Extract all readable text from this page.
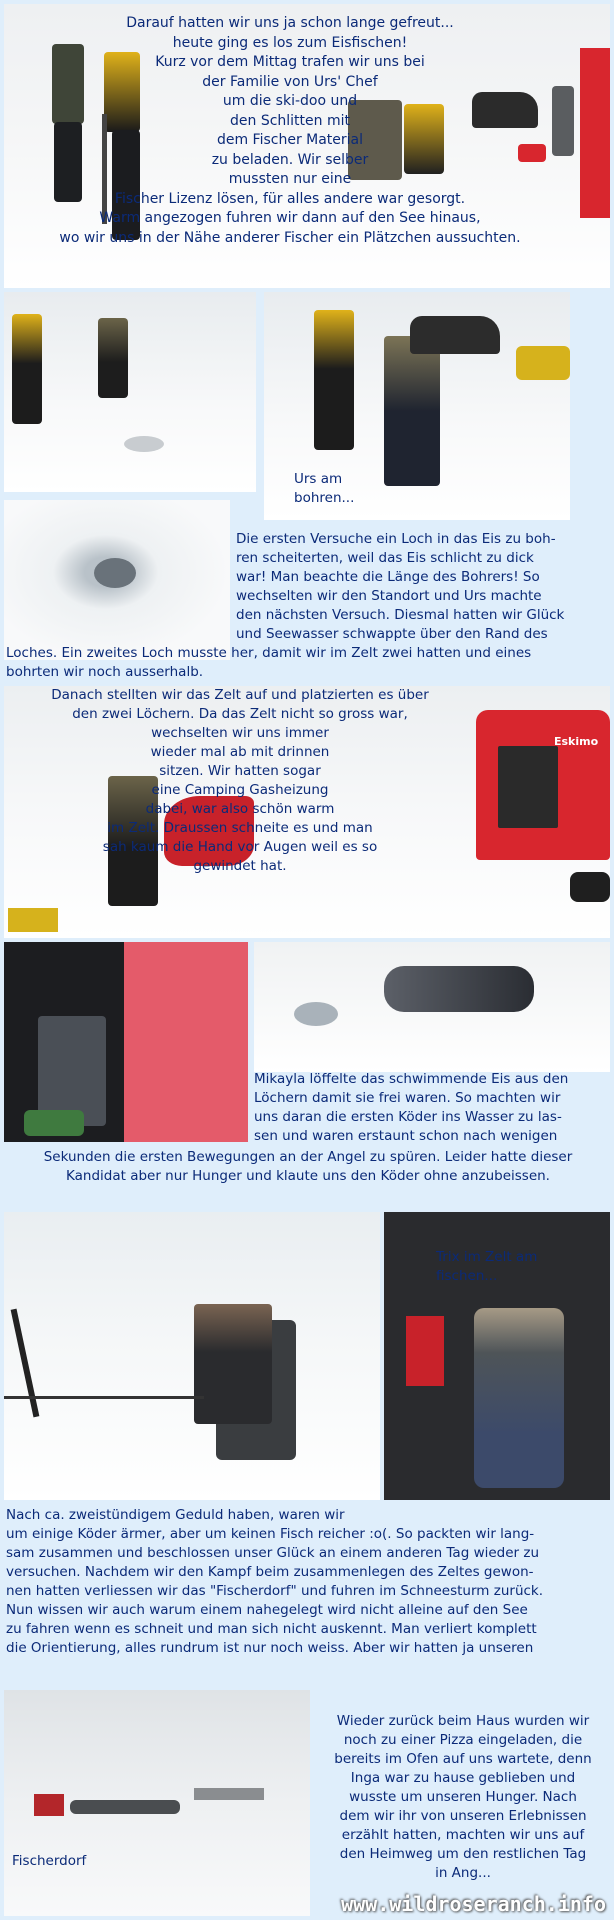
Darauf hatten wir uns ja schon lange gefreut...
heute ging es los zum Eisfischen!
Kurz vor dem Mittag trafen wir uns bei
der Familie von Urs' Chef
um die ski-doo und
den Schlitten mit
dem Fischer Material
zu beladen. Wir selber
mussten nur eine
Fischer Lizenz lösen, für alles andere war gesorgt.
Warm angezogen fuhren wir dann auf den See hinaus,
wo wir uns in der Nähe anderer Fischer ein Plätzchen aussuchten.
Urs am
bohren...
Die ersten Versuche ein Loch in das Eis zu boh-
ren scheiterten, weil das Eis schlicht zu dick
war! Man beachte die Länge des Bohrers! So
wechselten wir den Standort und Urs machte
den nächsten Versuch. Diesmal hatten wir Glück
und Seewasser schwappte über den Rand des
Loches. Ein zweites Loch musste her, damit wir im Zelt zwei hatten und eines
bohrten wir noch ausserhalb.
Eskimo
Danach stellten wir das Zelt auf und platzierten es über
den zwei Löchern. Da das Zelt nicht so gross war,
wechselten wir uns immer
wieder mal ab mit drinnen
sitzen. Wir hatten sogar
eine Camping Gasheizung
dabei, war also schön warm
im Zelt. Draussen schneite es und man
sah kaum die Hand vor Augen weil es so
gewindet hat.
Mikayla löffelte das schwimmende Eis aus den
Löchern damit sie frei waren. So machten wir
uns daran die ersten Köder ins Wasser zu las-
sen und waren erstaunt schon nach wenigen
Sekunden die ersten Bewegungen an der Angel zu spüren. Leider hatte dieser
Kandidat aber nur Hunger und klaute uns den Köder ohne anzubeissen.
Trix im Zelt am
fischen...
Nach ca. zweistündigem Geduld haben, waren wir
um einige Köder ärmer, aber um keinen Fisch reicher :o(. So packten wir lang-
sam zusammen und beschlossen unser Glück an einem anderen Tag wieder zu
versuchen. Nachdem wir den Kampf beim zusammenlegen des Zeltes gewon-
nen hatten verliessen wir das "Fischerdorf" und fuhren im Schneesturm zurück.
Nun wissen wir auch warum einem nahegelegt wird nicht alleine auf den See
zu fahren wenn es schneit und man sich nicht auskennt. Man verliert komplett
die Orientierung, alles rundrum ist nur noch weiss. Aber wir hatten ja unseren
Fischerdorf
Wieder zurück beim Haus wurden wir
noch zu einer Pizza eingeladen, die
bereits im Ofen auf uns wartete, denn
Inga war zu hause geblieben und
wusste um unseren Hunger. Nach
dem wir ihr von unseren Erlebnissen
erzählt hatten, machten wir uns auf
den Heimweg um den restlichen Tag
in Ang...
www.wildroseranch.info
